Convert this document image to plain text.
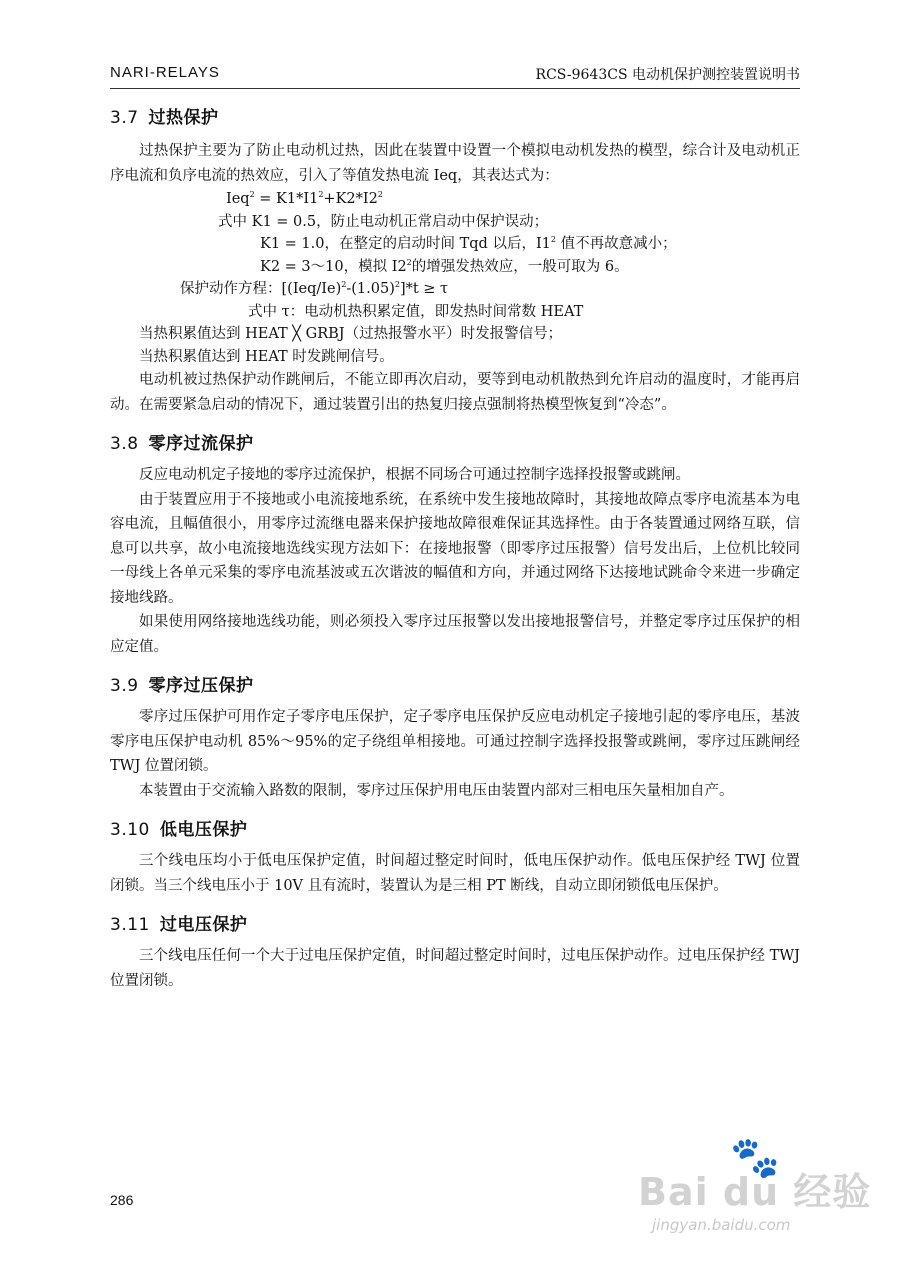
NARI-RELAYS	RCS-9643CS 电动机保护测控装置说明书
3.7 过热保护

过热保护主要为了防止电动机过热，因此在装置中设置一个模拟电动机发热的模型，综合计及电动机正序电流和负序电流的热效应，引入了等值发热电流 Ieq，其表达式为：

$Ieq^2 = K1*I1^2+K2*I2^2$
式中 K1 = 0.5，防止电动机正常启动中保护误动；
K1 = 1.0，在整定的启动时间 Tqd 以后，$I1^2$ 值不再故意减小；
K2 = 3～10，模拟 $I2^2$的增强发热效应，一般可取为 6。
保护动作方程：$[(Ieq/Ie)^2-(1.05)^2]*t \ge \tau$
式中 τ：电动机热积累定值，即发热时间常数 HEAT
当热积累值达到 HEAT ╳ GRBJ（过热报警水平）时发报警信号；
当热积累值达到 HEAT 时发跳闸信号。

电动机被过热保护动作跳闸后，不能立即再次启动，要等到电动机散热到允许启动的温度时，才能再启动。在需要紧急启动的情况下，通过装置引出的热复归接点强制将热模型恢复到“冷态”。

3.8 零序过流保护

反应电动机定子接地的零序过流保护，根据不同场合可通过控制字选择投报警或跳闸。

由于装置应用于不接地或小电流接地系统，在系统中发生接地故障时，其接地故障点零序电流基本为电容电流，且幅值很小，用零序过流继电器来保护接地故障很难保证其选择性。由于各装置通过网络互联，信息可以共享，故小电流接地选线实现方法如下：在接地报警（即零序过压报警）信号发出后，上位机比较同一母线上各单元采集的零序电流基波或五次谐波的幅值和方向，并通过网络下达接地试跳命令来进一步确定接地线路。

如果使用网络接地选线功能，则必须投入零序过压报警以发出接地报警信号，并整定零序过压保护的相应定值。

3.9 零序过压保护

零序过压保护可用作定子零序电压保护，定子零序电压保护反应电动机定子接地引起的零序电压，基波零序电压保护电动机 85%～95%的定子绕组单相接地。可通过控制字选择投报警或跳闸，零序过压跳闸经 TWJ 位置闭锁。

本装置由于交流输入路数的限制，零序过压保护用电压由装置内部对三相电压矢量相加自产。

3.10 低电压保护

三个线电压均小于低电压保护定值，时间超过整定时间时，低电压保护动作。低电压保护经 TWJ 位置闭锁。当三个线电压小于 10V 且有流时，装置认为是三相 PT 断线，自动立即闭锁低电压保护。

3.11 过电压保护

三个线电压任何一个大于过电压保护定值，时间超过整定时间时，过电压保护动作。过电压保护经 TWJ 位置闭锁。

286
🐾
Bai du 经验
jingyan.baidu.com
